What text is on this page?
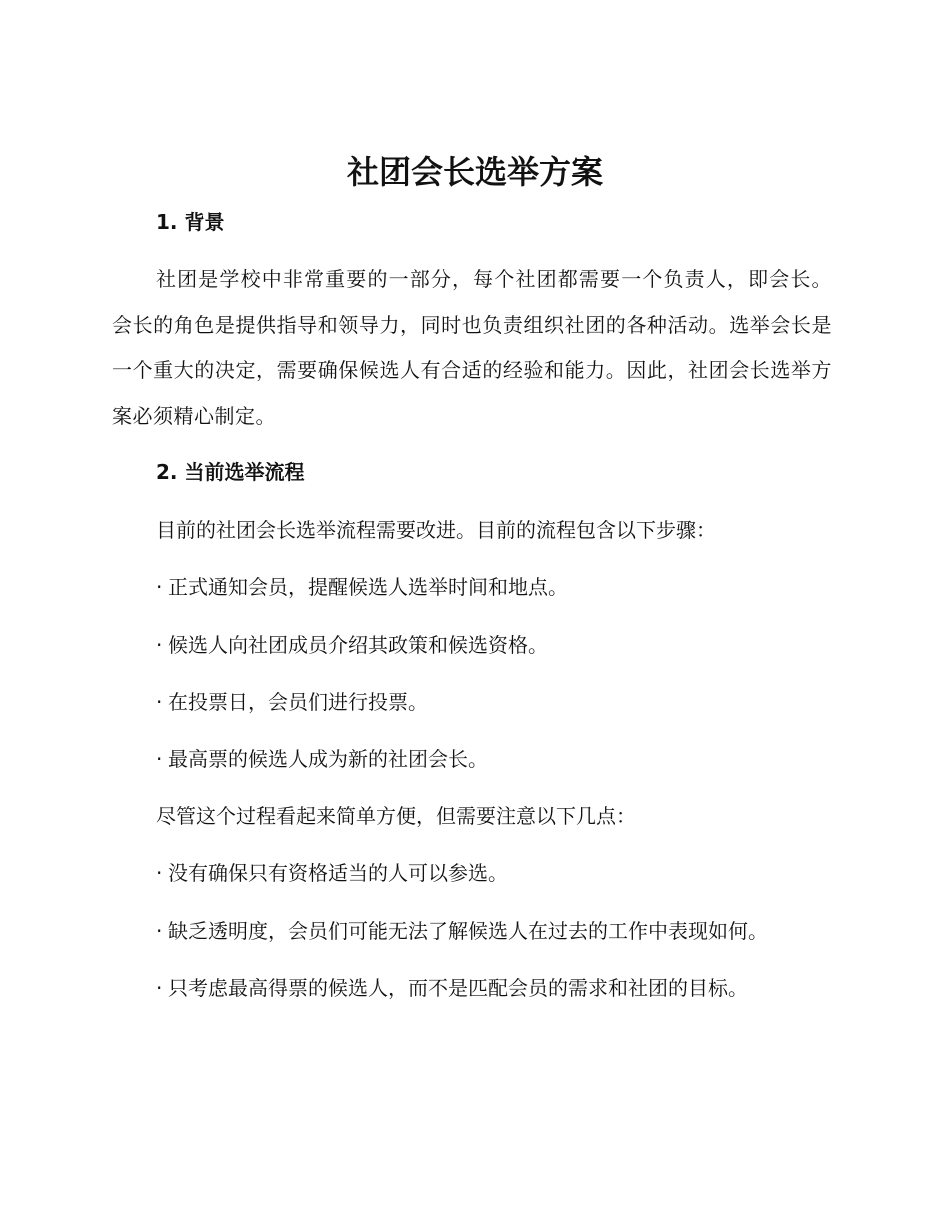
社团会长选举方案
1. 背景

社团是学校中非常重要的一部分，每个社团都需要一个负责人，即会长。会长的角色是提供指导和领导力，同时也负责组织社团的各种活动。选举会长是一个重大的决定，需要确保候选人有合适的经验和能力。因此，社团会长选举方案必须精心制定。

2. 当前选举流程

目前的社团会长选举流程需要改进。目前的流程包含以下步骤：

· 正式通知会员，提醒候选人选举时间和地点。

· 候选人向社团成员介绍其政策和候选资格。

· 在投票日，会员们进行投票。

· 最高票的候选人成为新的社团会长。

尽管这个过程看起来简单方便，但需要注意以下几点：

· 没有确保只有资格适当的人可以参选。

· 缺乏透明度，会员们可能无法了解候选人在过去的工作中表现如何。

· 只考虑最高得票的候选人，而不是匹配会员的需求和社团的目标。
